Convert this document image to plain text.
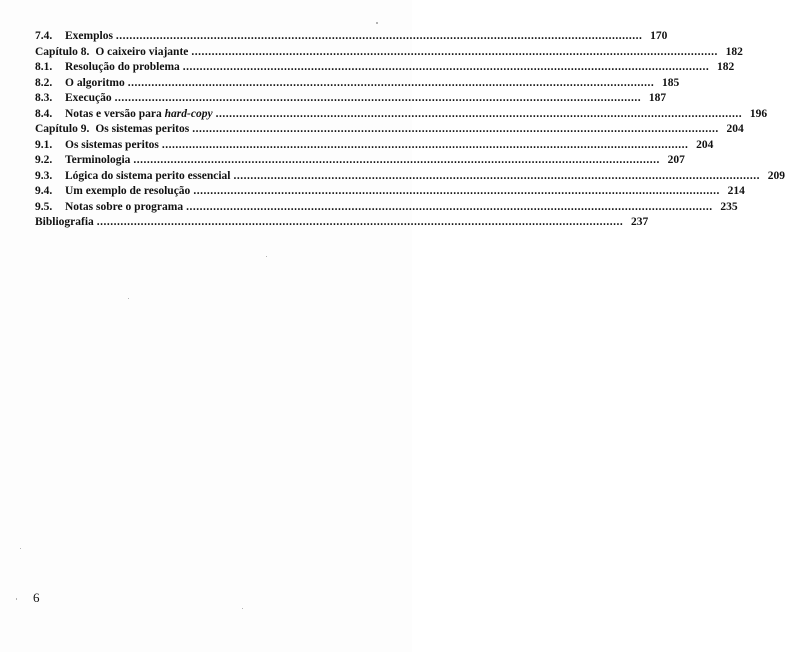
7.4.	Exemplos .....	170
Capítulo 8. O caixeiro viajante .....	182
8.1.	Resolução do problema .....	182
8.2.	O algoritmo .....	185
8.3.	Execução .....	187
8.4.	Notas e versão para hard-copy .....	196
Capítulo 9. Os sistemas peritos .....	204
9.1.	Os sistemas peritos .....	204
9.2.	Terminologia .....	207
9.3.	Lógica do sistema perito essencial .....	209
9.4.	Um exemplo de resolução .....	214
9.5.	Notas sobre o programa .....	235
Bibliografia .....	237
6
